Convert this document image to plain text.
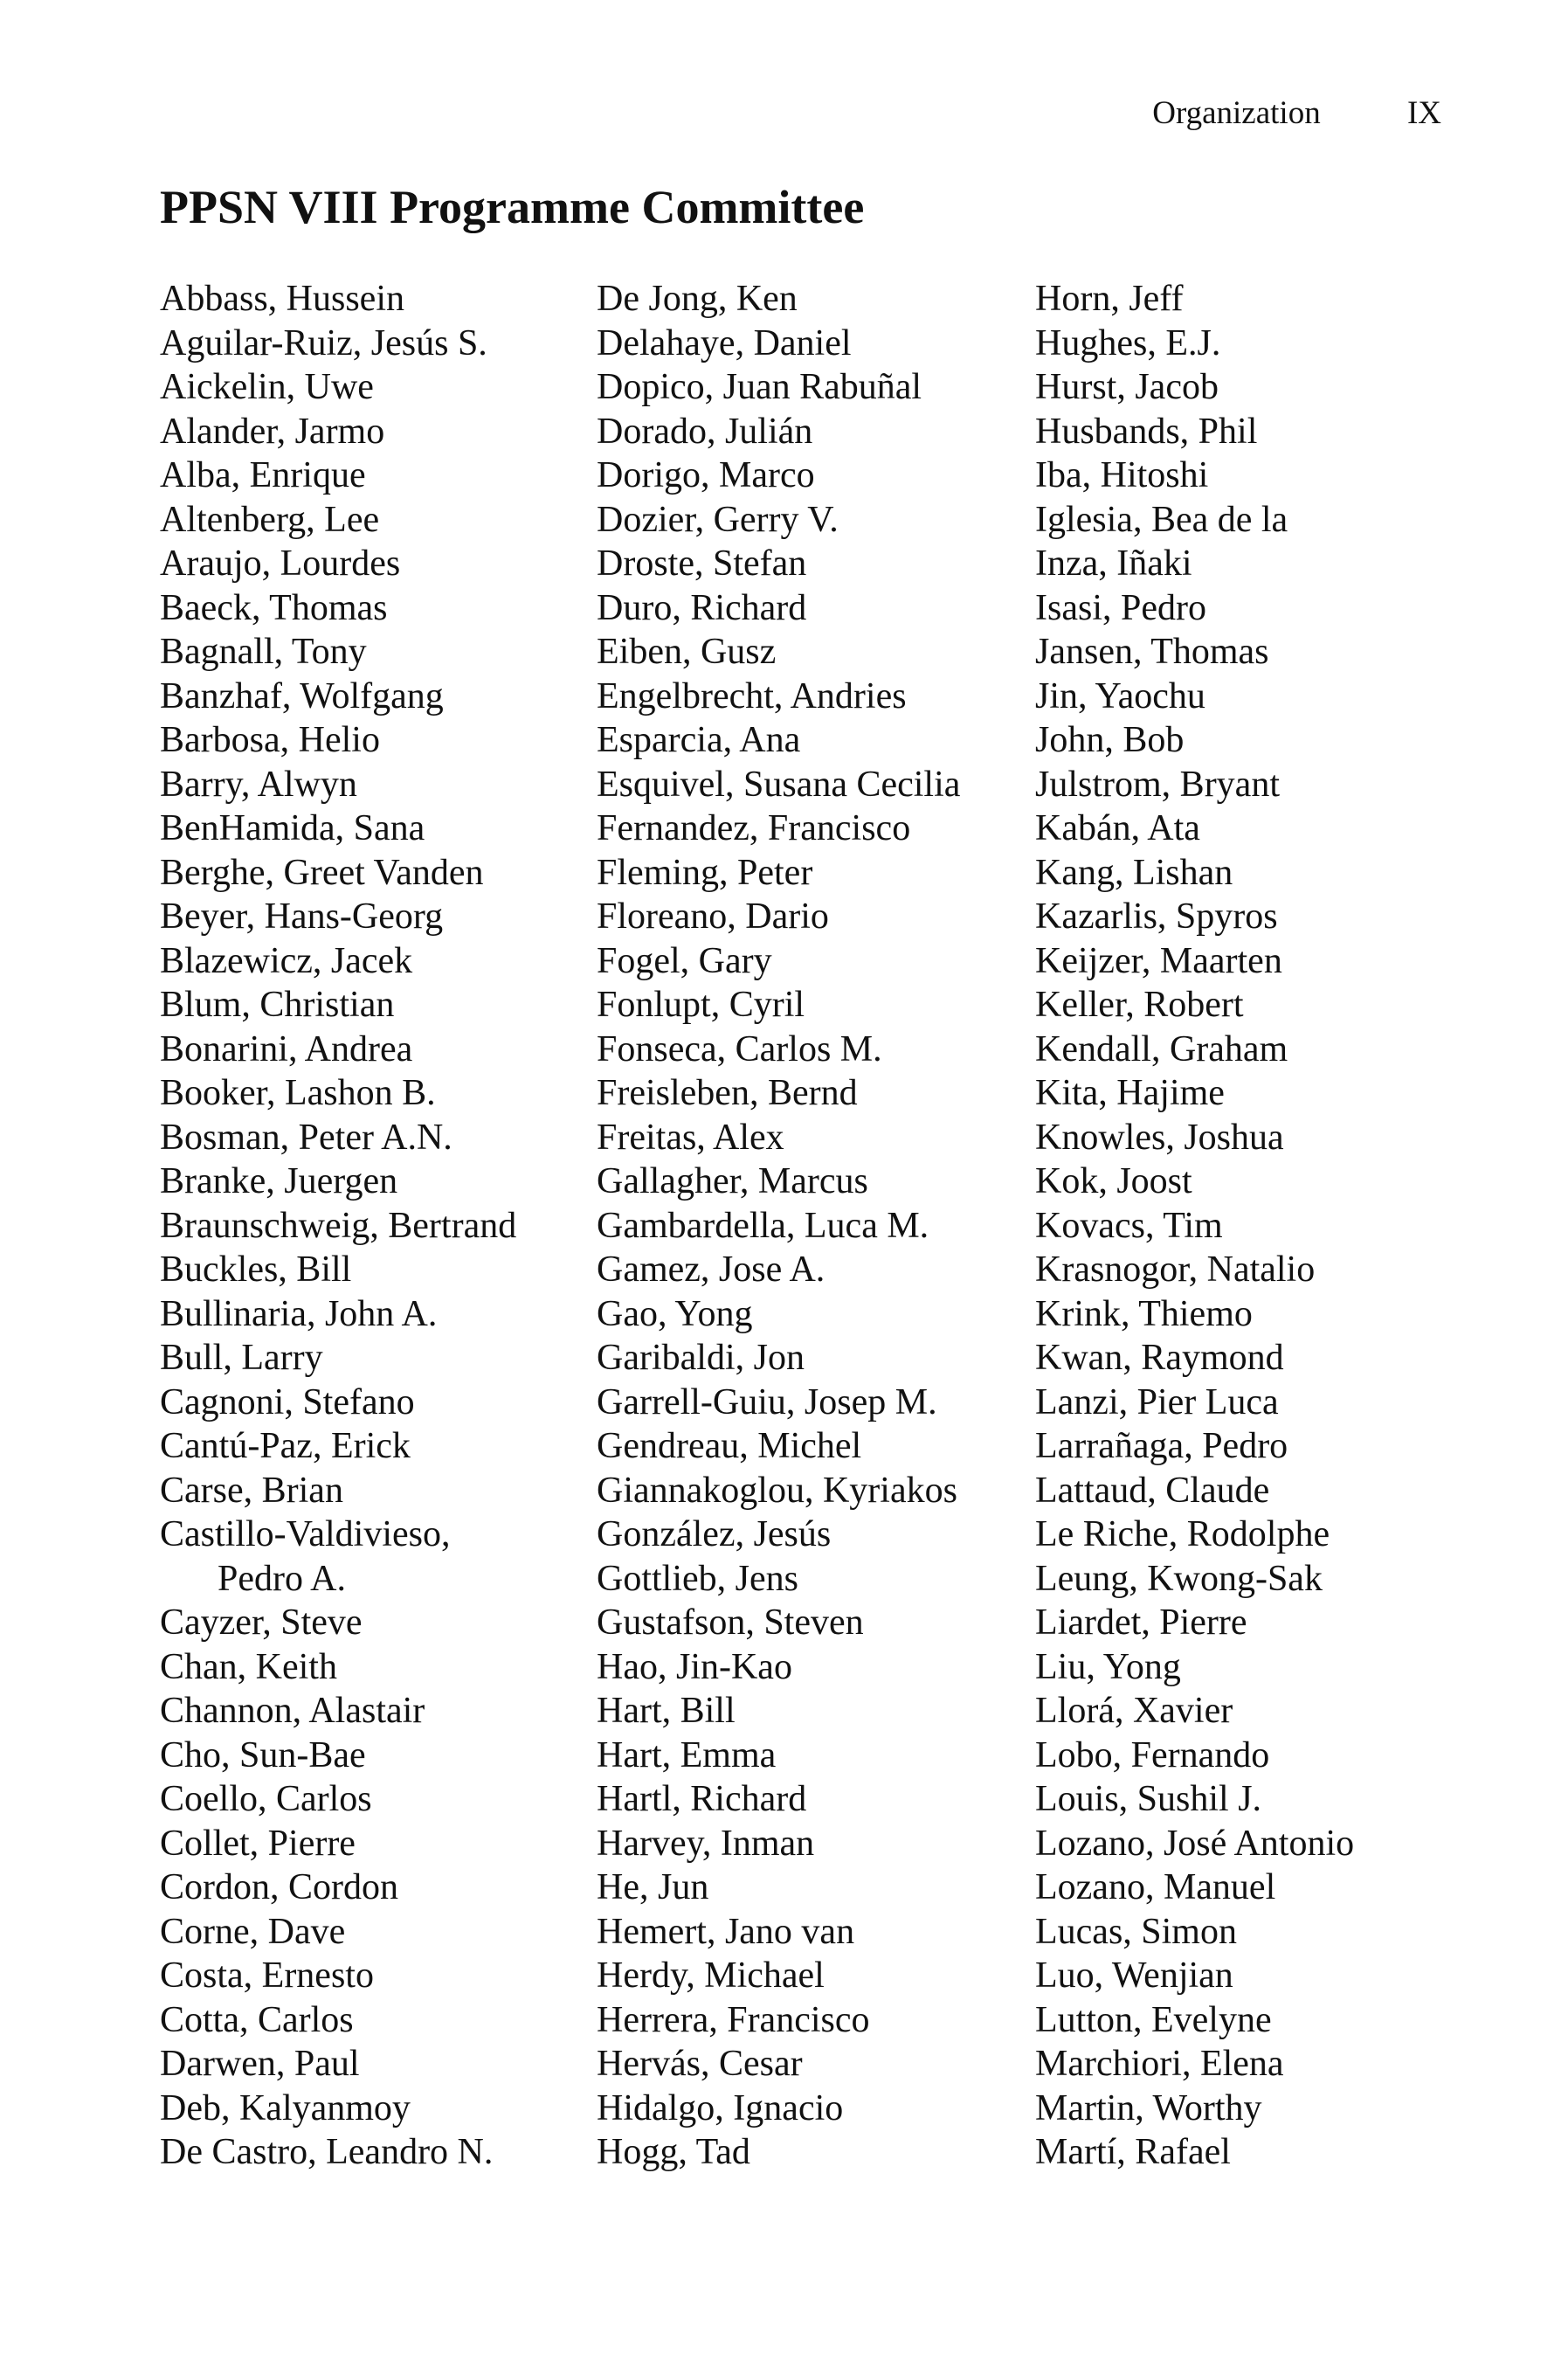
Organization	IX
PPSN VIII Programme Committee
Abbass, Hussein
Aguilar-Ruiz, Jesús S.
Aickelin, Uwe
Alander, Jarmo
Alba, Enrique
Altenberg, Lee
Araujo, Lourdes
Baeck, Thomas
Bagnall, Tony
Banzhaf, Wolfgang
Barbosa, Helio
Barry, Alwyn
BenHamida, Sana
Berghe, Greet Vanden
Beyer, Hans-Georg
Blazewicz, Jacek
Blum, Christian
Bonarini, Andrea
Booker, Lashon B.
Bosman, Peter A.N.
Branke, Juergen
Braunschweig, Bertrand
Buckles, Bill
Bullinaria, John A.
Bull, Larry
Cagnoni, Stefano
Cantú-Paz, Erick
Carse, Brian
Castillo-Valdivieso,
Pedro A.
Cayzer, Steve
Chan, Keith
Channon, Alastair
Cho, Sun-Bae
Coello, Carlos
Collet, Pierre
Cordon, Cordon
Corne, Dave
Costa, Ernesto
Cotta, Carlos
Darwen, Paul
Deb, Kalyanmoy
De Castro, Leandro N.
De Jong, Ken
Delahaye, Daniel
Dopico, Juan Rabuñal
Dorado, Julián
Dorigo, Marco
Dozier, Gerry V.
Droste, Stefan
Duro, Richard
Eiben, Gusz
Engelbrecht, Andries
Esparcia, Ana
Esquivel, Susana Cecilia
Fernandez, Francisco
Fleming, Peter
Floreano, Dario
Fogel, Gary
Fonlupt, Cyril
Fonseca, Carlos M.
Freisleben, Bernd
Freitas, Alex
Gallagher, Marcus
Gambardella, Luca M.
Gamez, Jose A.
Gao, Yong
Garibaldi, Jon
Garrell-Guiu, Josep M.
Gendreau, Michel
Giannakoglou, Kyriakos
González, Jesús
Gottlieb, Jens
Gustafson, Steven
Hao, Jin-Kao
Hart, Bill
Hart, Emma
Hartl, Richard
Harvey, Inman
He, Jun
Hemert, Jano van
Herdy, Michael
Herrera, Francisco
Hervás, Cesar
Hidalgo, Ignacio
Hogg, Tad
Horn, Jeff
Hughes, E.J.
Hurst, Jacob
Husbands, Phil
Iba, Hitoshi
Iglesia, Bea de la
Inza, Iñaki
Isasi, Pedro
Jansen, Thomas
Jin, Yaochu
John, Bob
Julstrom, Bryant
Kabán, Ata
Kang, Lishan
Kazarlis, Spyros
Keijzer, Maarten
Keller, Robert
Kendall, Graham
Kita, Hajime
Knowles, Joshua
Kok, Joost
Kovacs, Tim
Krasnogor, Natalio
Krink, Thiemo
Kwan, Raymond
Lanzi, Pier Luca
Larrañaga, Pedro
Lattaud, Claude
Le Riche, Rodolphe
Leung, Kwong-Sak
Liardet, Pierre
Liu, Yong
Llorá, Xavier
Lobo, Fernando
Louis, Sushil J.
Lozano, José Antonio
Lozano, Manuel
Lucas, Simon
Luo, Wenjian
Lutton, Evelyne
Marchiori, Elena
Martin, Worthy
Martí, Rafael
